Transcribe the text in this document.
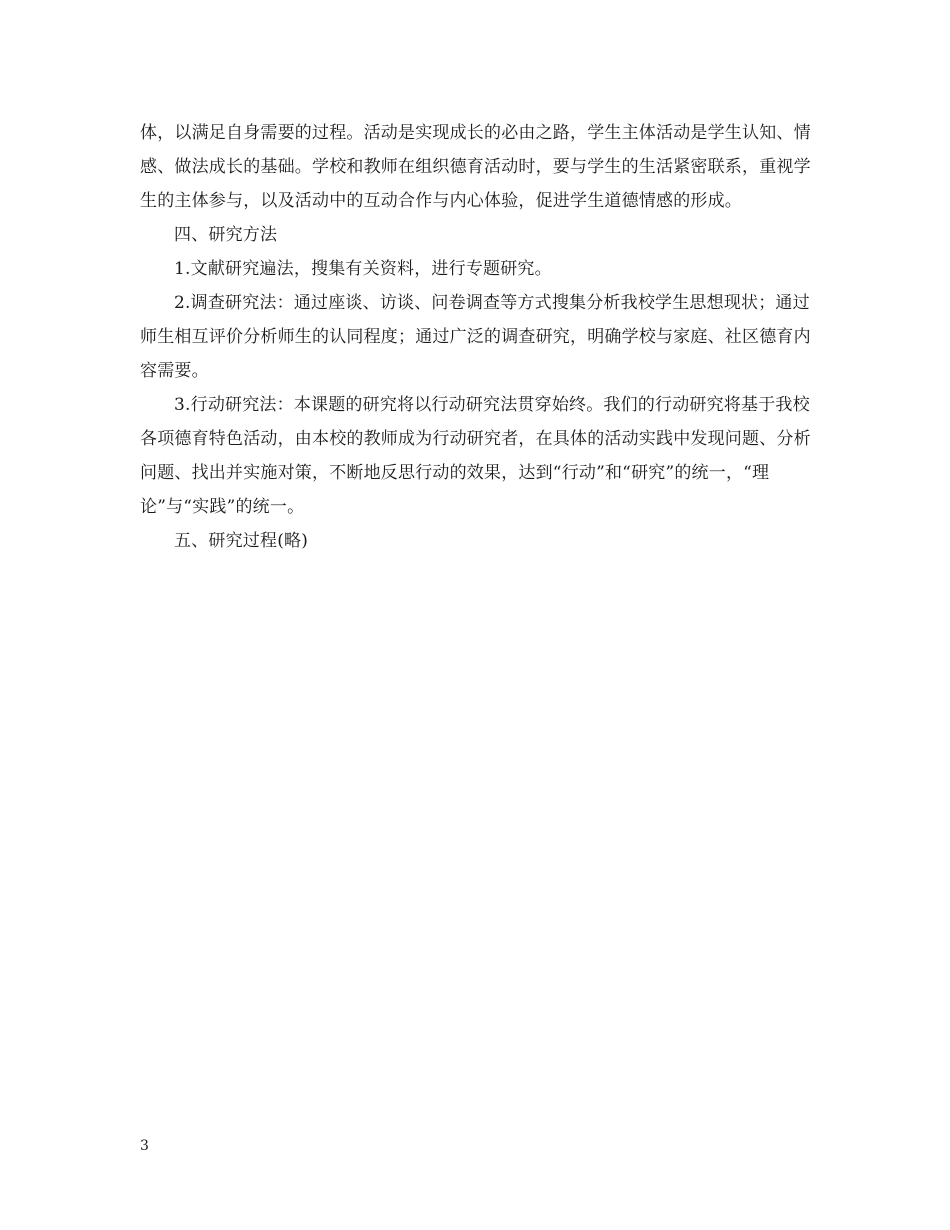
体，以满足自身需要的过程。活动是实现成长的必由之路，学生主体活动是学生认知、情感、做法成长的基础。学校和教师在组织德育活动时，要与学生的生活紧密联系，重视学生的主体参与，以及活动中的互动合作与内心体验，促进学生道德情感的形成。

四、研究方法

1.文献研究遍法，搜集有关资料，进行专题研究。

2.调查研究法：通过座谈、访谈、问卷调查等方式搜集分析我校学生思想现状；通过师生相互评价分析师生的认同程度；通过广泛的调查研究，明确学校与家庭、社区德育内容需要。

3.行动研究法：本课题的研究将以行动研究法贯穿始终。我们的行动研究将基于我校各项德育特色活动，由本校的教师成为行动研究者，在具体的活动实践中发现问题、分析问题、找出并实施对策，不断地反思行动的效果，达到“行动”和“研究”的统一，“理论”与“实践”的统一。

五、研究过程(略)

3
